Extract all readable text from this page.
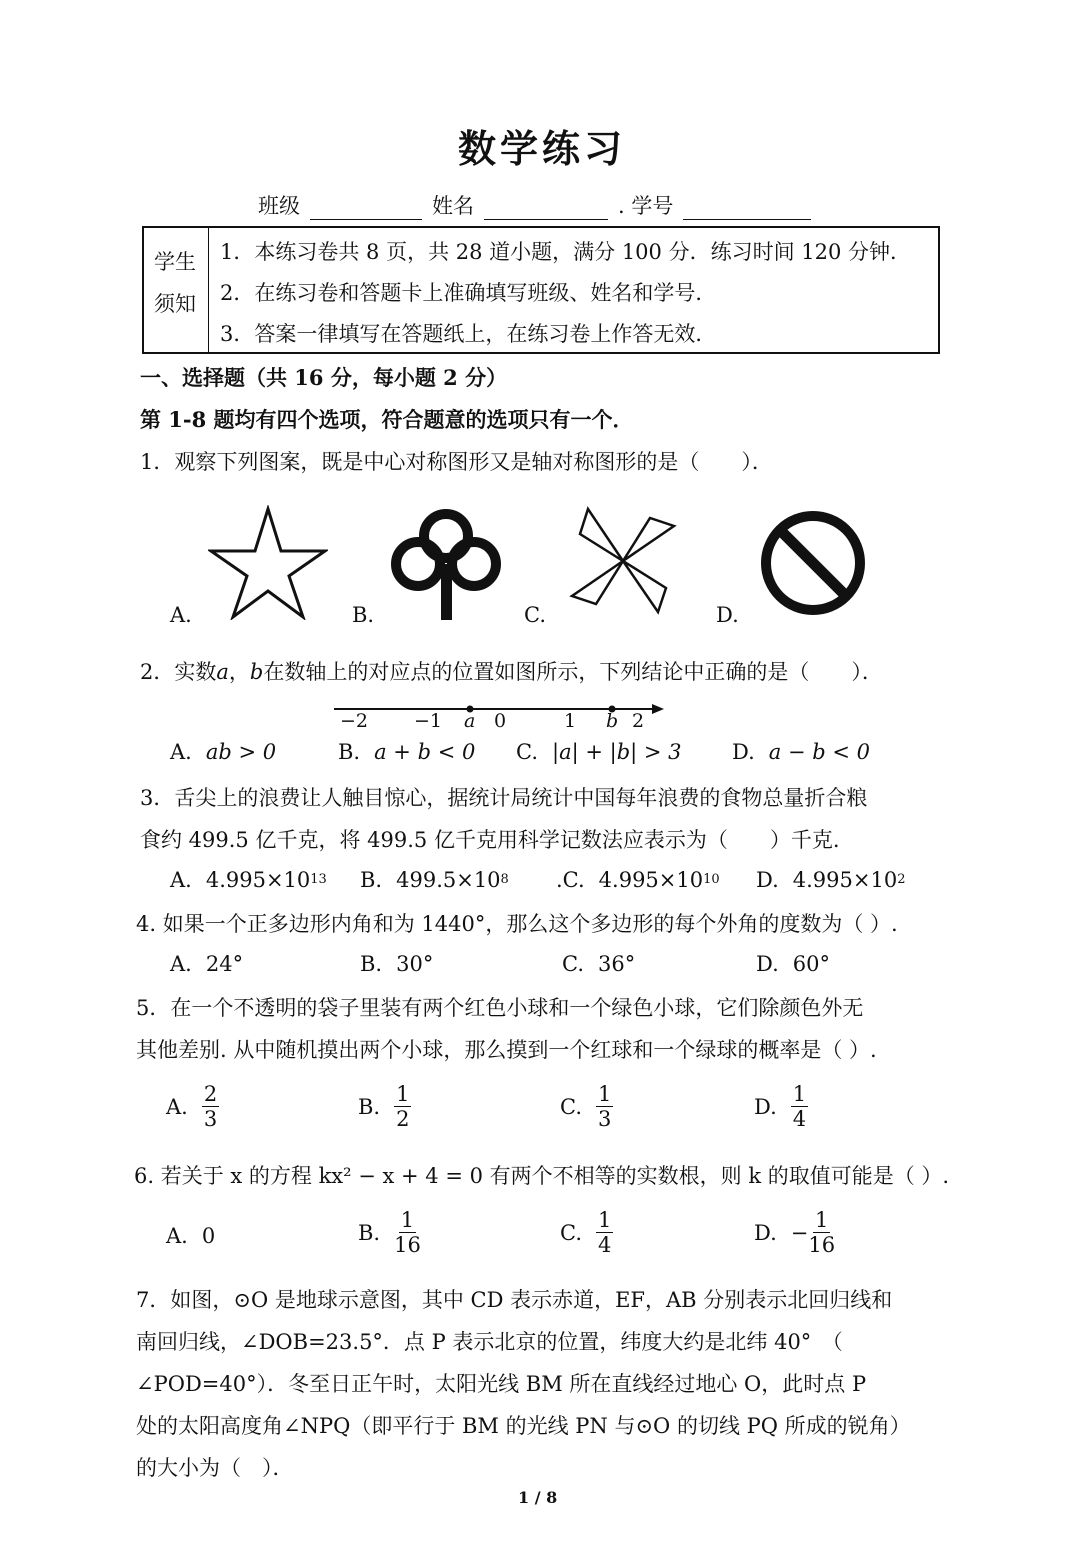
数学练习
班级	姓名	. 学号
学生
须知
1．本练习卷共 8 页，共 28 道小题，满分 100 分．练习时间 120 分钟．
2．在练习卷和答题卡上准确填写班级、姓名和学号．
3．答案一律填写在答题纸上，在练习卷上作答无效．
一、选择题（共 16 分，每小题 2 分）
第 1-8 题均有四个选项，符合题意的选项只有一个．
1．观察下列图案，既是中心对称图形又是轴对称图形的是（　　）．
A.	B.	C.	D.
2．实数a，b在数轴上的对应点的位置如图所示，下列结论中正确的是（　　）．
−2 −1 a 0	1 b 2
A. ab > 0	B. a + b < 0 C. |a| + |b| > 3 D. a − b < 0
3．舌尖上的浪费让人触目惊心，据统计局统计中国每年浪费的食物总量折合粮
食约 499.5 亿千克，将 499.5 亿千克用科学记数法应表示为（　　）千克.
A. 4.995×10 13 B. 499.5×10 8 .C. 4.995×10 10 D. 4.995×10 2
4. 如果一个正多边形内角和为 1440°，那么这个多边形的每个外角的度数为（ ）.
A. 24°	B. 30°	C. 36°	D. 60°
5．在一个不透明的袋子里装有两个红色小球和一个绿色小球，它们除颜色外无
其他差别. 从中随机摸出两个小球，那么摸到一个红球和一个绿球的概率是（ ）.
A. $\frac{2}{3}$	B. $\frac{1}{2}$	C. $\frac{1}{3}$	D. $\frac{1}{4}$
6. 若关于 x 的方程 kx² − x + 4 = 0 有两个不相等的实数根，则 k 的取值可能是（ ）.
A. 0	B. $\frac{1}{16}$	C. $\frac{1}{4}$	D. − $\frac{1}{16}$
7．如图，⊙O 是地球示意图，其中 CD 表示赤道，EF，AB 分别表示北回归线和
南回归线，∠DOB=23.5°．点 P 表示北京的位置，纬度大约是北纬 40°　（
∠POD=40°）．冬至日正午时，太阳光线 BM 所在直线经过地心 O，此时点 P
处的太阳高度角∠NPQ（即平行于 BM 的光线 PN 与⊙O 的切线 PQ 所成的锐角）
的大小为（　）．
1 / 8
